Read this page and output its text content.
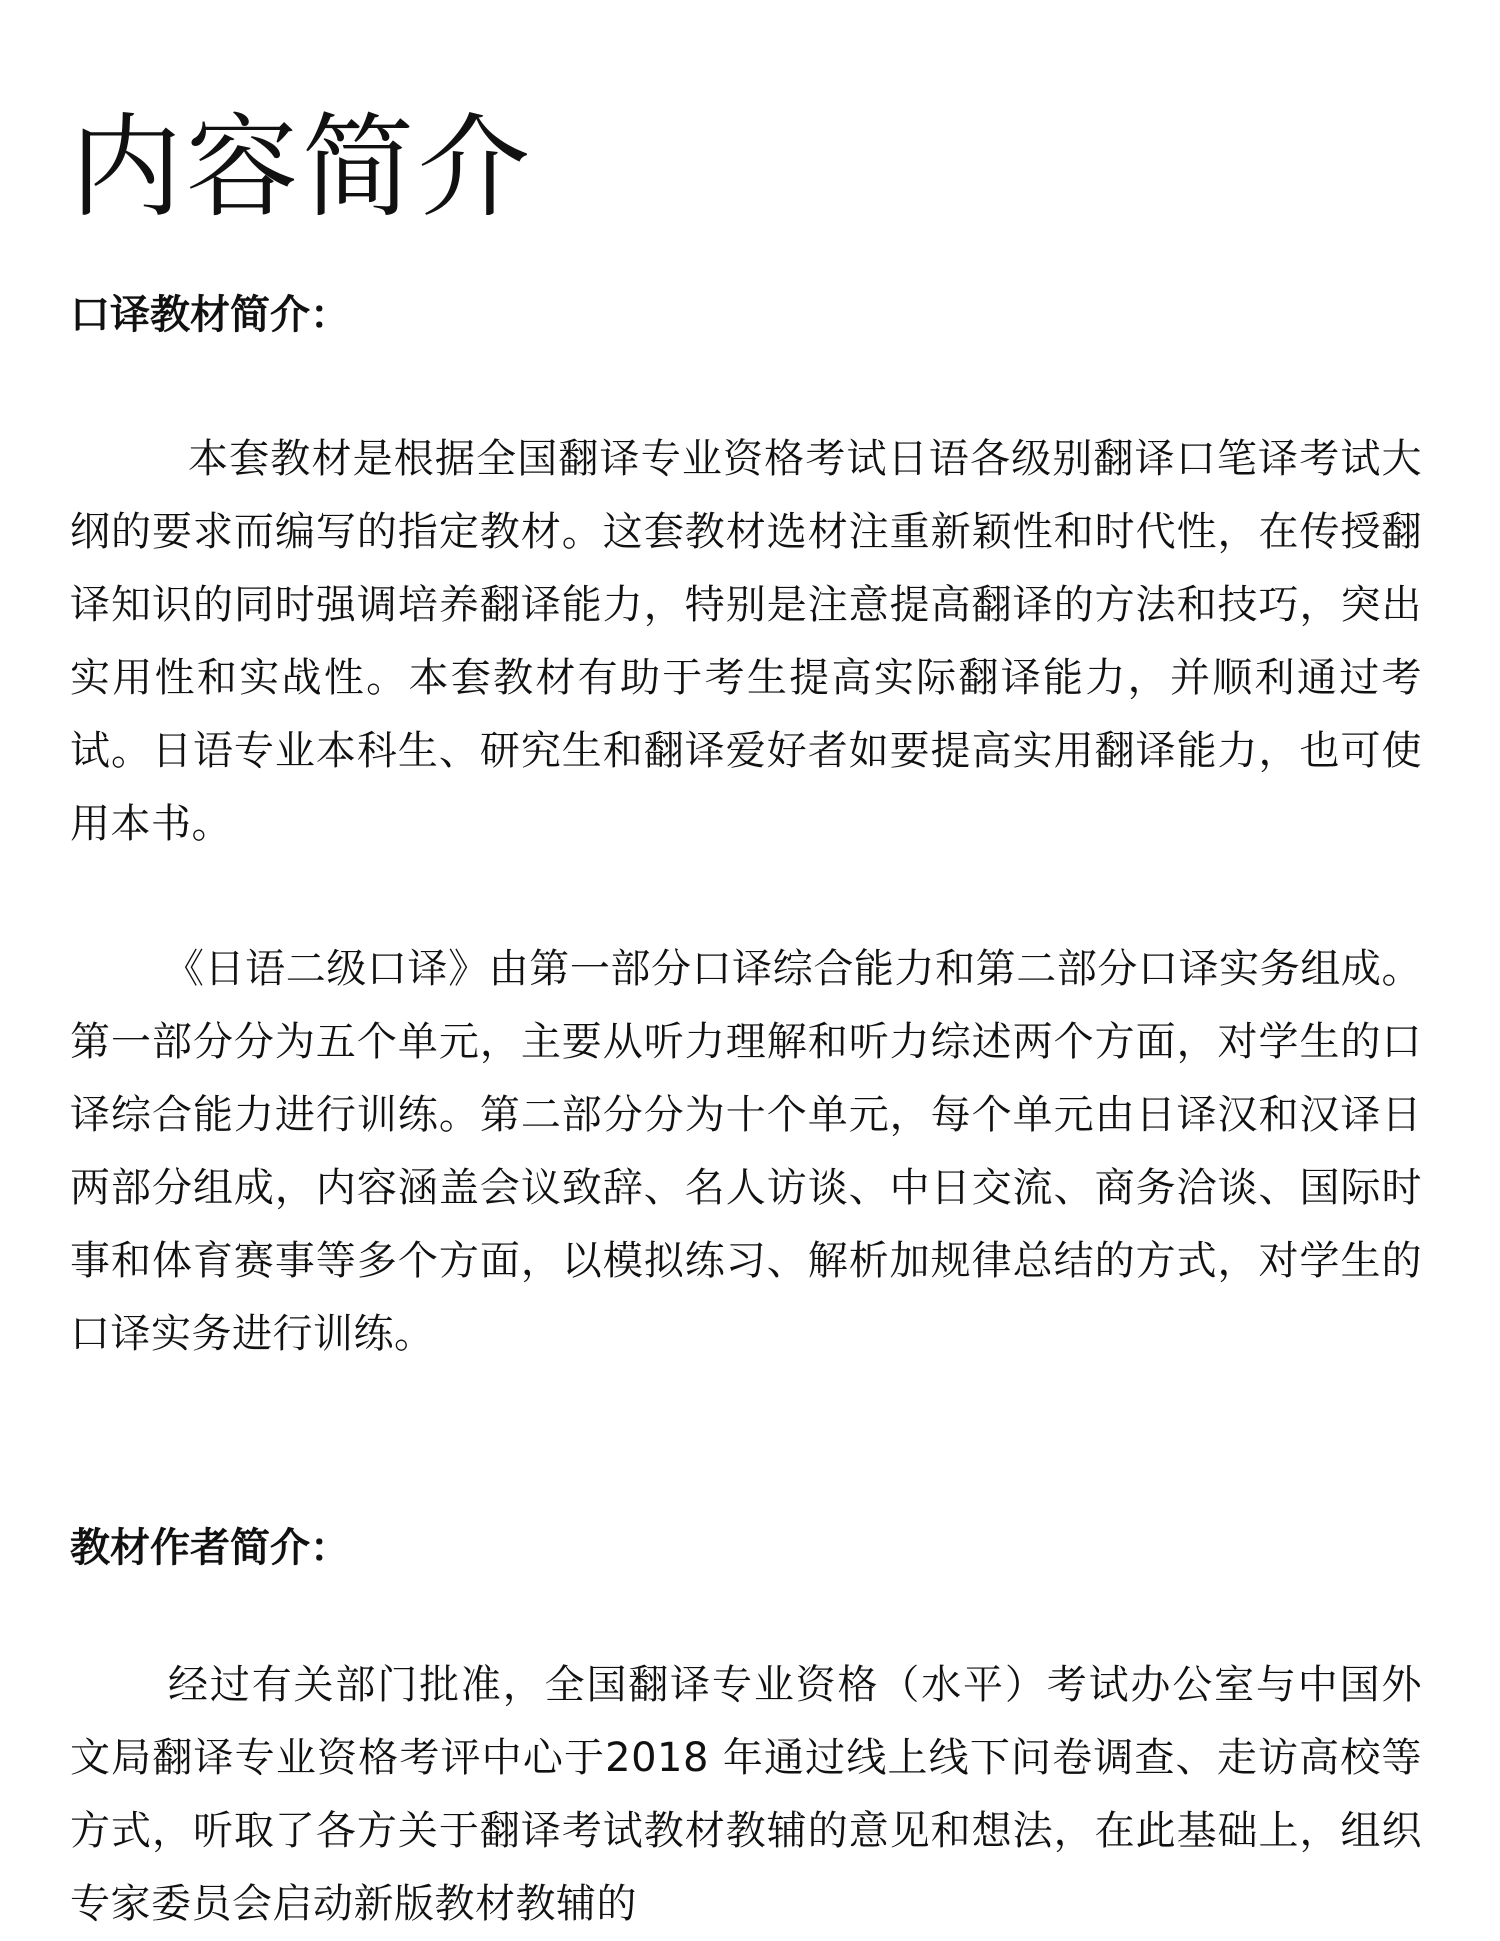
内容简介
口译教材简介：

本套教材是根据全国翻译专业资格考试日语各级别翻译口笔译考试大纲的要求而编写的指定教材。这套教材选材注重新颖性和时代性，在传授翻译知识的同时强调培养翻译能力，特别是注意提高翻译的方法和技巧，突出实用性和实战性。本套教材有助于考生提高实际翻译能力，并顺利通过考试。日语专业本科生、研究生和翻译爱好者如要提高实用翻译能力，也可使用本书。

《日语二级口译》由第一部分口译综合能力和第二部分口译实务组成。第一部分分为五个单元，主要从听力理解和听力综述两个方面，对学生的口译综合能力进行训练。第二部分分为十个单元，每个单元由日译汉和汉译日两部分组成，内容涵盖会议致辞、名人访谈、中日交流、商务洽谈、国际时事和体育赛事等多个方面，以模拟练习、解析加规律总结的方式，对学生的口译实务进行训练。

教材作者简介：

经过有关部门批准，全国翻译专业资格（水平）考试办公室与中国外文局翻译专业资格考评中心于2018 年通过线上线下问卷调查、走访高校等方式，听取了各方关于翻译考试教材教辅的意见和想法，在此基础上，组织专家委员会启动新版教材教辅的
